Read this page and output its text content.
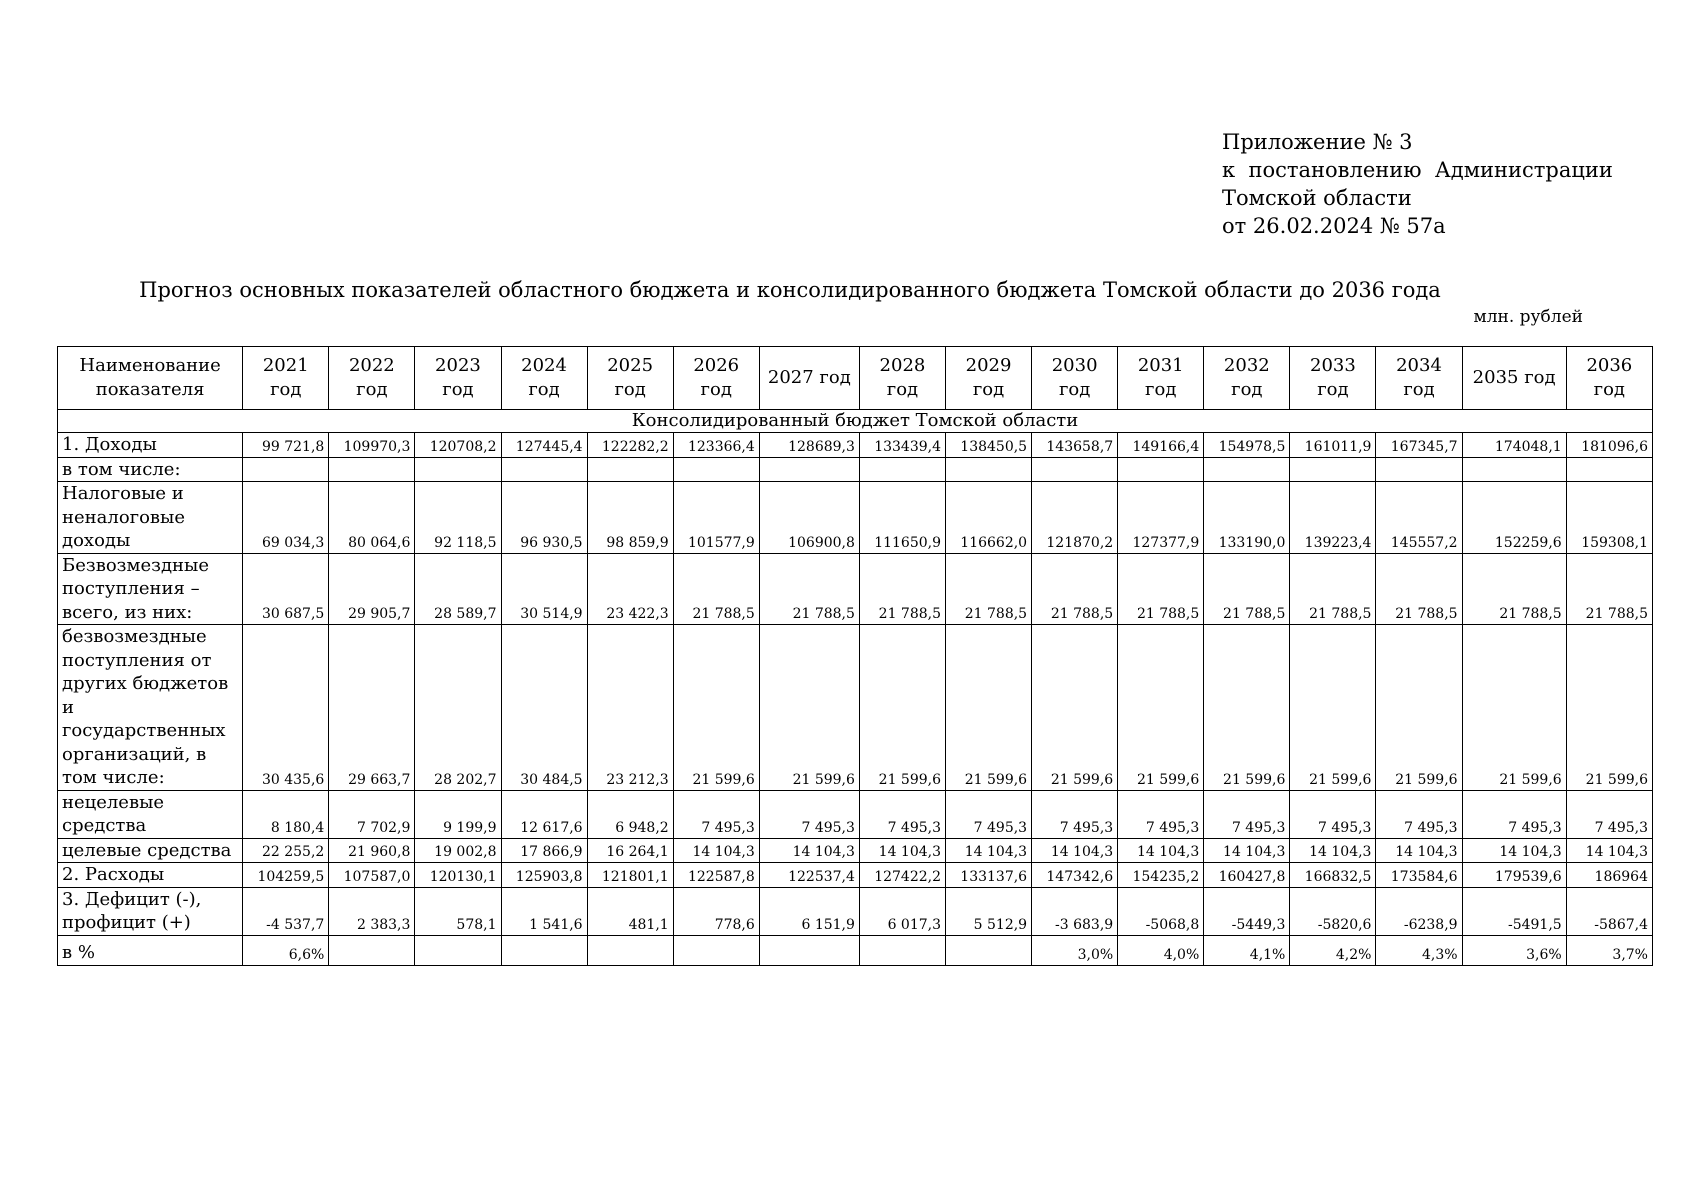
Приложение № 3
к  постановлению  Администрации
Томской области
от 26.02.2024 № 57а
Прогноз основных показателей областного бюджета и консолидированного бюджета Томской области до 2036 года
млн. рублей
Наименование показателя	2021 год	2022 год	2023 год	2024 год	2025 год	2026 год	2027 год	2028 год	2029 год	2030 год	2031 год	2032 год	2033 год	2034 год	2035 год	2036 год
Консолидированный бюджет Томской области																
1. Доходы	99 721,8	109970,3	120708,2	127445,4	122282,2	123366,4	128689,3	133439,4	138450,5	143658,7	149166,4	154978,5	161011,9	167345,7	174048,1	181096,6
в том числе:																
Налоговые и неналоговые доходы	69 034,3	80 064,6	92 118,5	96 930,5	98 859,9	101577,9	106900,8	111650,9	116662,0	121870,2	127377,9	133190,0	139223,4	145557,2	152259,6	159308,1
Безвозмездные поступления – всего, из них:	30 687,5	29 905,7	28 589,7	30 514,9	23 422,3	21 788,5	21 788,5	21 788,5	21 788,5	21 788,5	21 788,5	21 788,5	21 788,5	21 788,5	21 788,5	21 788,5
безвозмездные поступления от других бюджетов и государственных организаций, в том числе:	30 435,6	29 663,7	28 202,7	30 484,5	23 212,3	21 599,6	21 599,6	21 599,6	21 599,6	21 599,6	21 599,6	21 599,6	21 599,6	21 599,6	21 599,6	21 599,6
нецелевые средства	8 180,4	7 702,9	9 199,9	12 617,6	6 948,2	7 495,3	7 495,3	7 495,3	7 495,3	7 495,3	7 495,3	7 495,3	7 495,3	7 495,3	7 495,3	7 495,3
целевые средства	22 255,2	21 960,8	19 002,8	17 866,9	16 264,1	14 104,3	14 104,3	14 104,3	14 104,3	14 104,3	14 104,3	14 104,3	14 104,3	14 104,3	14 104,3	14 104,3
2. Расходы	104259,5	107587,0	120130,1	125903,8	121801,1	122587,8	122537,4	127422,2	133137,6	147342,6	154235,2	160427,8	166832,5	173584,6	179539,6	186964
3. Дефицит (-), профицит (+)	-4 537,7	2 383,3	578,1	1 541,6	481,1	778,6	6 151,9	6 017,3	5 512,9	-3 683,9	-5068,8	-5449,3	-5820,6	-6238,9	-5491,5	-5867,4
в %	6,6%									3,0%	4,0%	4,1%	4,2%	4,3%	3,6%	3,7%
